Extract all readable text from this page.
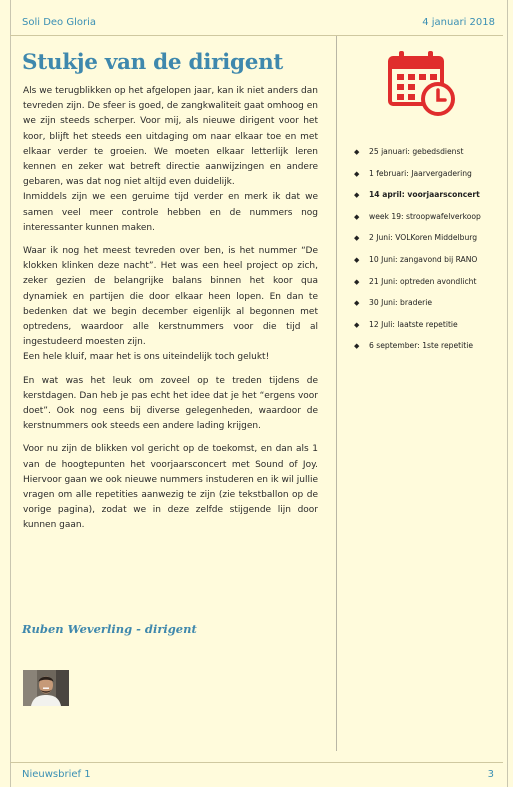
Soli Deo Gloria	4 januari 2018
Stukje van de dirigent

Als we terugblikken op het afgelopen jaar, kan ik niet anders dan tevreden zijn. De sfeer is goed, de zangkwaliteit gaat omhoog en we zijn steeds scherper. Voor mij, als nieuwe dirigent voor het koor, blijft het steeds een uitdaging om naar elkaar toe en met elkaar verder te groeien. We moeten elkaar letterlijk leren kennen en zeker wat betreft directie aanwijzingen en andere gebaren, was dat nog niet altijd even duidelijk.

Inmiddels zijn we een geruime tijd verder en merk ik dat we samen veel meer controle hebben en de nummers nog interessanter kunnen maken.

Waar ik nog het meest tevreden over ben, is het nummer “De klokken klinken deze nacht”. Het was een heel project op zich, zeker gezien de belangrijke balans binnen het koor qua dynamiek en partijen die door elkaar heen lopen. En dan te bedenken dat we begin december eigenlijk al begonnen met optredens, waardoor alle kerstnummers voor die tijd al ingestudeerd moesten zijn.

Een hele kluif, maar het is ons uiteindelijk toch gelukt!

En wat was het leuk om zoveel op te treden tijdens de kerstdagen. Dan heb je pas echt het idee dat je het “ergens voor doet”. Ook nog eens bij diverse gelegenheden, waardoor de kerstnummers ook steeds een andere lading krijgen.

Voor nu zijn de blikken vol gericht op de toekomst, en dan als 1 van de hoogtepunten het voorjaarsconcert met Sound of Joy. Hiervoor gaan we ook nieuwe nummers instuderen en ik wil jullie vragen om alle repetities aanwezig te zijn (zie tekstballon op de vorige pagina), zodat we in deze zelfde stijgende lijn door kunnen gaan.

Ruben Weverling - dirigent
◆ 25 januari: gebedsdienst
◆ 1 februari: Jaarvergadering
◆ 14 april: voorjaarsconcert
◆ week 19: stroopwafelverkoop
◆ 2 Juni: VOLKoren Middelburg
◆ 10 Juni: zangavond bij RANO
◆ 21 Juni: optreden avondlicht
◆ 30 Juni: braderie
◆ 12 Juli: laatste repetitie
◆ 6 september: 1ste repetitie
Nieuwsbrief 1	3
